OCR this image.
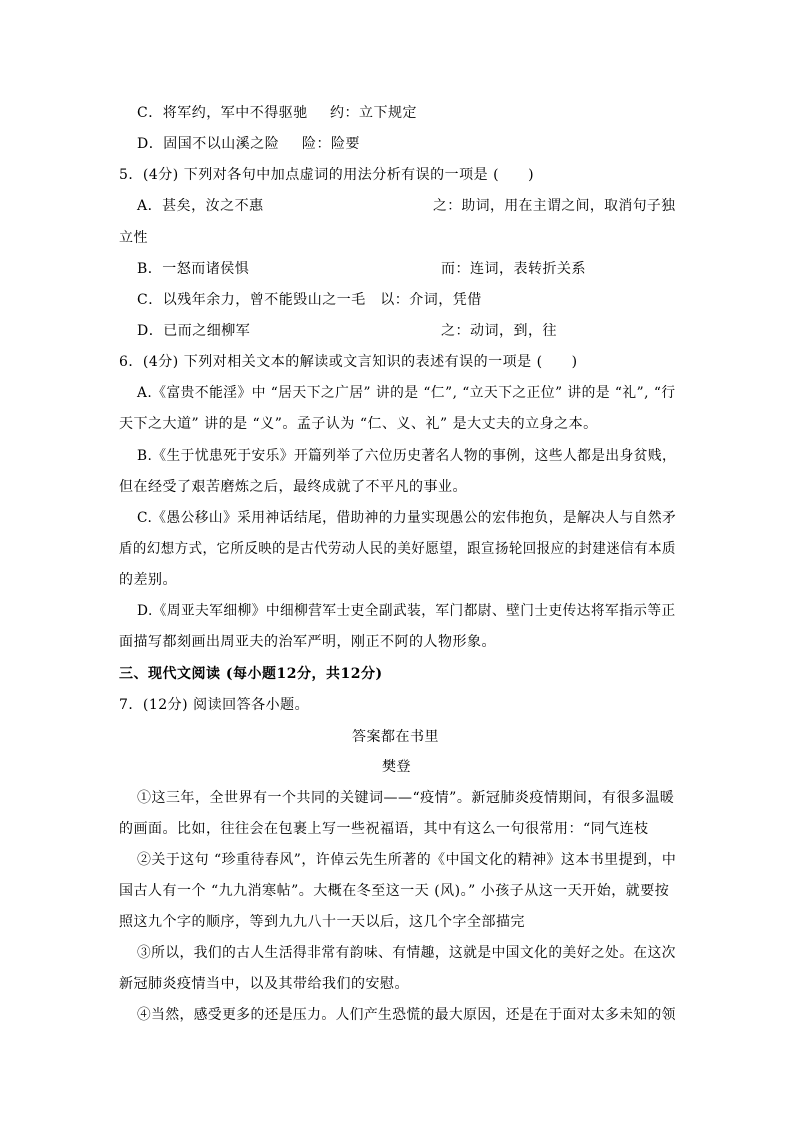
C．将军约，军中不得驱驰 约：立下规定
D．固国不以山溪之险 险：险要
5．(4分) 下列对各句中加点虚词的用法分析有误的一项是 (　　)
A．甚矣，汝之不惠	之：助词，用在主谓之间，取消句子独
立性
B．一怒而诸侯惧	而：连词，表转折关系
C．以残年余力，曾不能毁山之一毛　以：介词，凭借
D．已而之细柳军	之：动词，到，往
6．(4分) 下列对相关文本的解读或文言知识的表述有误的一项是 (　　)
A.《富贵不能淫》中 “居天下之广居” 讲的是 “仁”, “立天下之正位” 讲的是 “礼”, “行
天下之大道” 讲的是 “义”。孟子认为 “仁、义、礼” 是大丈夫的立身之本。
B.《生于忧患死于安乐》开篇列举了六位历史著名人物的事例，这些人都是出身贫贱，
但在经受了艰苦磨炼之后，最终成就了不平凡的事业。
C.《愚公移山》采用神话结尾，借助神的力量实现愚公的宏伟抱负，是解决人与自然矛
盾的幻想方式，它所反映的是古代劳动人民的美好愿望，跟宣扬轮回报应的封建迷信有本质
的差别。
D.《周亚夫军细柳》中细柳营军士吏全副武装，军门都尉、壁门士吏传达将军指示等正
面描写都刻画出周亚夫的治军严明，刚正不阿的人物形象。
三、现代文阅读 (每小题12分，共12分)
7．(12分) 阅读回答各小题。
答案都在书里
樊登
①这三年，全世界有一个共同的关键词——“疫情”。新冠肺炎疫情期间，有很多温暖
的画面。比如，往往会在包裹上写一些祝福语，其中有这么一句很常用：“同气连枝
②关于这句 “珍重待春风”，许倬云先生所著的《中国文化的精神》这本书里提到，中
国古人有一个 “九九消寒帖”。大概在冬至这一天 (风)。” 小孩子从这一天开始，就要按
照这九个字的顺序，等到九九八十一天以后，这几个字全部描完
③所以，我们的古人生活得非常有韵味、有情趣，这就是中国文化的美好之处。在这次
新冠肺炎疫情当中，以及其带给我们的安慰。
④当然，感受更多的还是压力。人们产生恐慌的最大原因，还是在于面对太多未知的领
